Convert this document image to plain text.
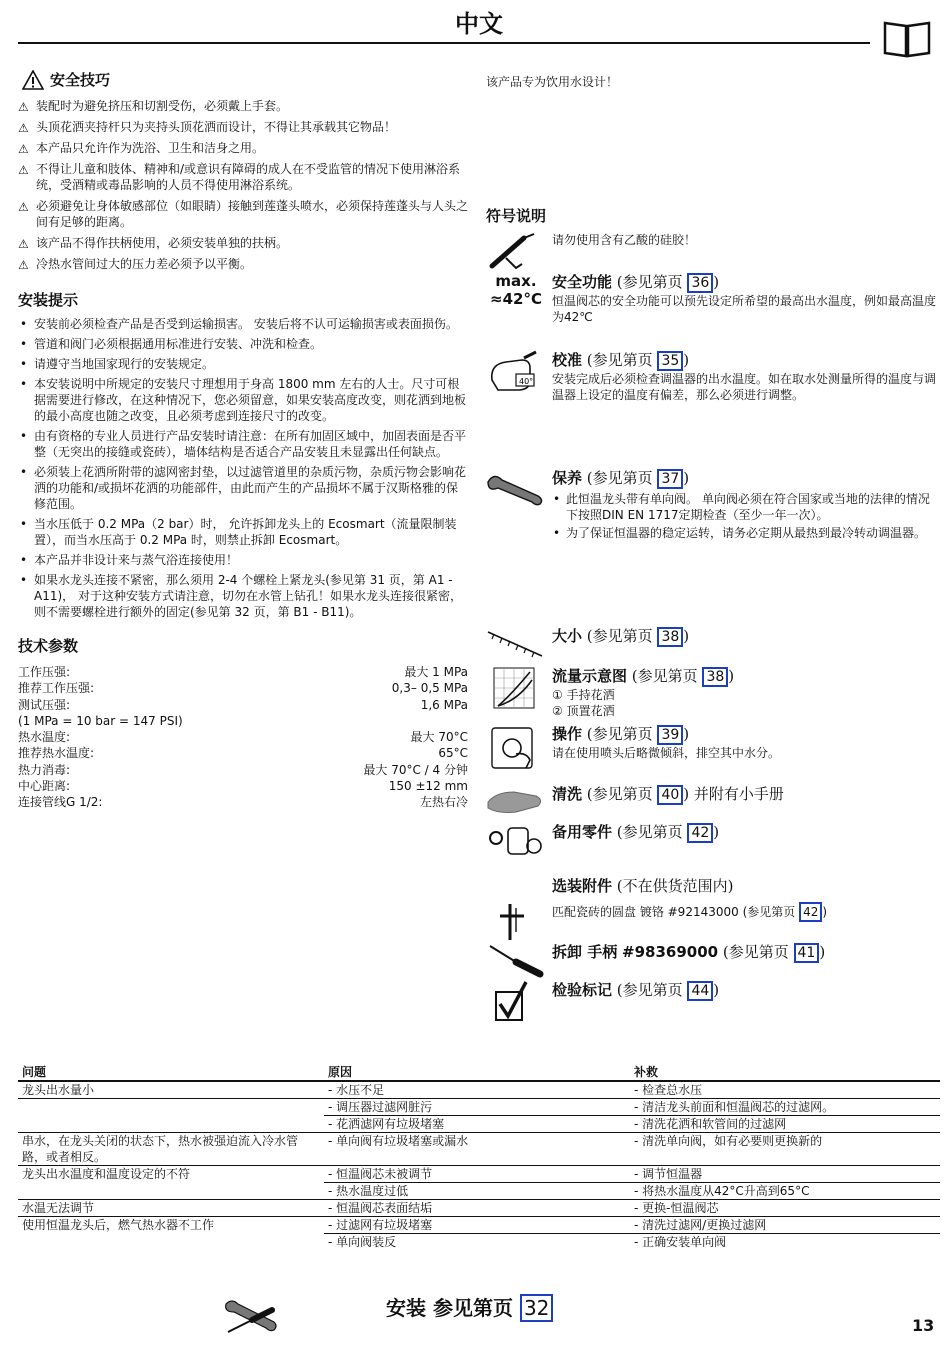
中文
安全技巧
⚠ 装配时为避免挤压和切割受伤，必须戴上手套。
⚠ 头顶花洒夹持杆只为夹持头顶花洒而设计，不得让其承载其它物品！
⚠ 本产品只允许作为洗浴、卫生和洁身之用。
⚠ 不得让儿童和肢体、精神和/或意识有障碍的成人在不受监管的情况下使用淋浴系统，受酒精或毒品影响的人员不得使用淋浴系统。
⚠ 必须避免让身体敏感部位（如眼睛）接触到莲蓬头喷水，必须保持莲蓬头与人头之间有足够的距离。
⚠ 该产品不得作扶柄使用，必须安装单独的扶柄。
⚠ 冷热水管间过大的压力差必须予以平衡。
安装提示
• 安装前必须检查产品是否受到运输损害。 安装后将不认可运输损害或表面损伤。
• 管道和阀门必须根据通用标准进行安装、冲洗和检查。
• 请遵守当地国家现行的安装规定。
• 本安装说明中所规定的安装尺寸理想用于身高 1800 mm 左右的人士。尺寸可根据需要进行修改，在这种情况下，您必须留意，如果安装高度改变，则花洒到地板的最小高度也随之改变，且必须考虑到连接尺寸的改变。
• 由有资格的专业人员进行产品安装时请注意：在所有加固区域中，加固表面是否平整（无突出的接缝或瓷砖），墙体结构是否适合产品安装且未显露出任何缺点。
• 必须装上花洒所附带的滤网密封垫，以过滤管道里的杂质污物，杂质污物会影响花洒的功能和/或损坏花洒的功能部件，由此而产生的产品损坏不属于汉斯格雅的保修范围。
• 当水压低于 0.2 MPa（2 bar）时， 允许拆卸龙头上的 Ecosmart（流量限制装置），而当水压高于 0.2 MPa 时，则禁止拆卸 Ecosmart。
• 本产品并非设计来与蒸气浴连接使用！
• 如果水龙头连接不紧密，那么须用 2-4 个螺栓上紧龙头(参见第 31 页，第 A1 - A11)， 对于这种安装方式请注意，切勿在水管上钻孔！如果水龙头连接很紧密，则不需要螺栓进行额外的固定(参见第 32 页，第 B1 - B11)。
技术参数
工作压强:	最大 1 MPa
推荐工作压强:	0,3– 0,5 MPa
测试压强:	1,6 MPa
(1 MPa = 10 bar = 147 PSI)
热水温度:	最大 70°C
推荐热水温度:	65°C
热力消毒:	最大 70°C / 4 分钟
中心距离:	150 ±12 mm
连接管线G 1/2:	左热右冷
该产品专为饮用水设计！
符号说明
请勿使用含有乙酸的硅胶！
max.
≈42°C
安全功能 (参见第页 36 )
恒温阀芯的安全功能可以预先设定所希望的最高出水温度，例如最高温度为42℃
40°
校准 (参见第页 35 )
安装完成后必须检查调温器的出水温度。如在取水处测量所得的温度与调温器上设定的温度有偏差，那么必须进行调整。
保养 (参见第页 37 )
• 此恒温龙头带有单向阀。 单向阀必须在符合国家或当地的法律的情况下按照DIN EN 1717定期检查（至少一年一次）。
• 为了保证恒温器的稳定运转，请务必定期从最热到最冷转动调温器。
大小 (参见第页 38 )
流量示意图 (参见第页 38 )
① 手持花洒
② 顶置花洒
操作 (参见第页 39 )
请在使用喷头后略微倾斜，排空其中水分。
清洗 (参见第页 40 ) 并附有小手册
备用零件 (参见第页 42 )
选装附件 (不在供货范围内)
匹配瓷砖的圆盘 镀铬 #92143000 (参见第页 42 )
拆卸 手柄 #98369000 (参见第页 41 )
检验标记 (参见第页 44 )
问题	原因	补救
龙头出水量小	- 水压不足	- 检查总水压
	- 调压器过滤网脏污	- 清洁龙头前面和恒温阀芯的过滤网。
	- 花洒滤网有垃圾堵塞	- 清洗花洒和软管间的过滤网
串水，在龙头关闭的状态下，热水被强迫流入冷水管路，或者相反。	- 单向阀有垃圾堵塞或漏水	- 清洗单向阀，如有必要则更换新的
龙头出水温度和温度设定的不符	- 恒温阀芯未被调节	- 调节恒温器
	- 热水温度过低	- 将热水温度从42°C升高到65°C
水温无法调节	- 恒温阀芯表面结垢	- 更换-恒温阀芯
使用恒温龙头后，燃气热水器不工作	- 过滤网有垃圾堵塞	- 清洗过滤网/更换过滤网
	- 单向阀装反	- 正确安装单向阀
安装 参见第页 32
13
